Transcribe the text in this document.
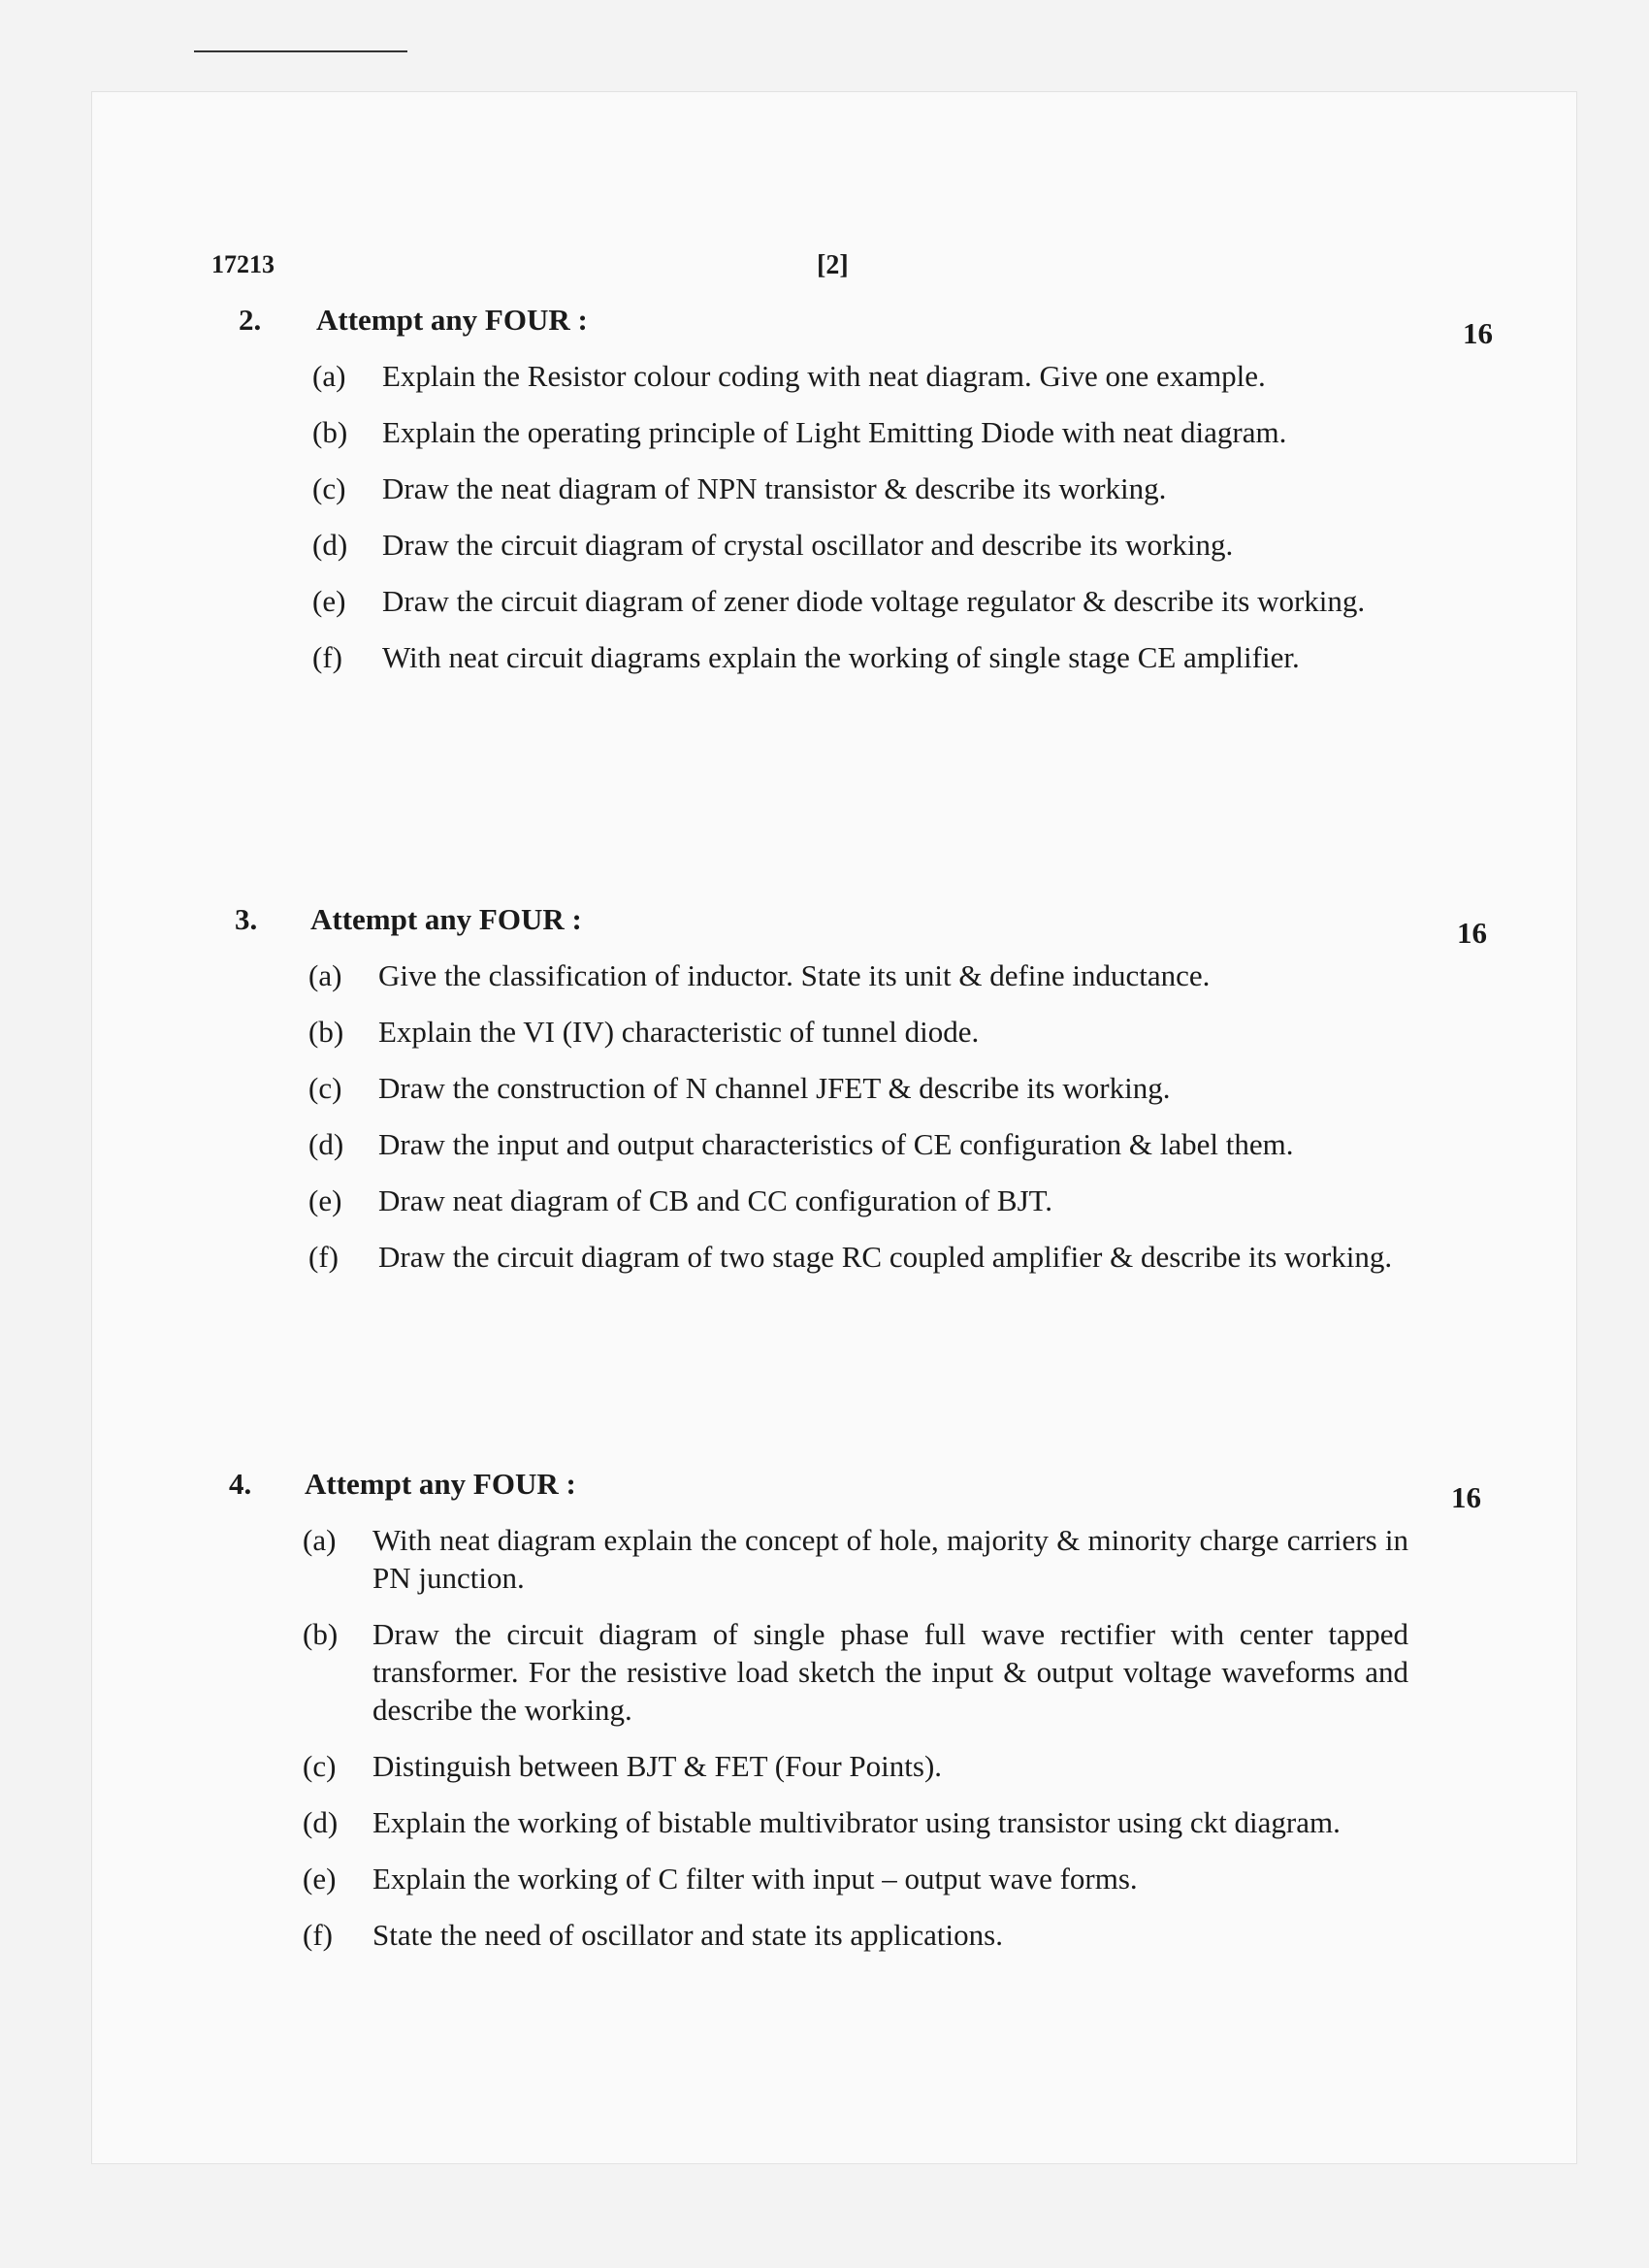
17213	[2]
2. Attempt any FOUR :	16
(a) Explain the Resistor colour coding with neat diagram. Give one example.
(b) Explain the operating principle of Light Emitting Diode with neat diagram.
(c) Draw the neat diagram of NPN transistor & describe its working.
(d) Draw the circuit diagram of crystal oscillator and describe its working.
(e) Draw the circuit diagram of zener diode voltage regulator & describe its working.
(f) With neat circuit diagrams explain the working of single stage CE amplifier.
3. Attempt any FOUR :	16
(a) Give the classification of inductor. State its unit & define inductance.
(b) Explain the VI (IV) characteristic of tunnel diode.
(c) Draw the construction of N channel JFET & describe its working.
(d) Draw the input and output characteristics of CE configuration & label them.
(e) Draw neat diagram of CB and CC configuration of BJT.
(f) Draw the circuit diagram of two stage RC coupled amplifier & describe its working.
4. Attempt any FOUR :	16
(a) With neat diagram explain the concept of hole, majority & minority charge carriers in PN junction.
(b) Draw the circuit diagram of single phase full wave rectifier with center tapped transformer. For the resistive load sketch the input & output voltage waveforms and describe the working.
(c) Distinguish between BJT & FET (Four Points).
(d) Explain the working of bistable multivibrator using transistor using ckt diagram.
(e) Explain the working of C filter with input – output wave forms.
(f) State the need of oscillator and state its applications.
